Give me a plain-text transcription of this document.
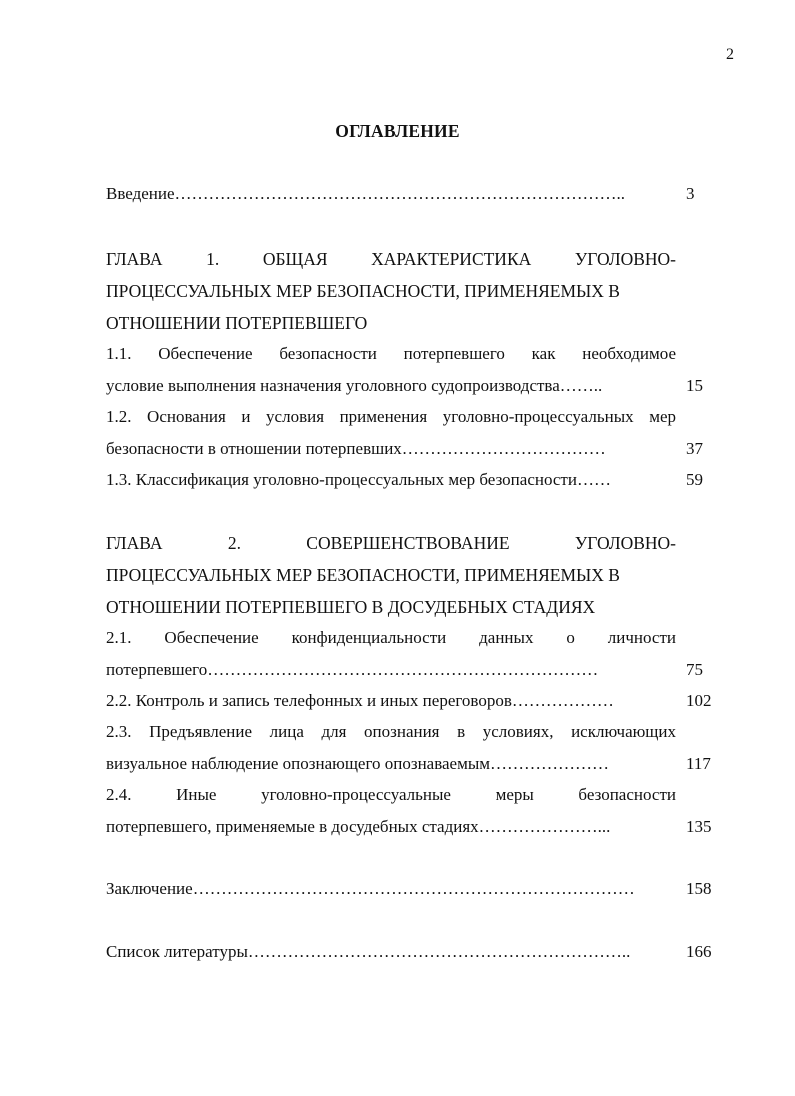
2
ОГЛАВЛЕНИЕ
Введение……………………………………………………………………..	3
ГЛАВА 1. ОБЩАЯ ХАРАКТЕРИСТИКА УГОЛОВНО-
ПРОЦЕССУАЛЬНЫХ МЕР БЕЗОПАСНОСТИ, ПРИМЕНЯЕМЫХ В
ОТНОШЕНИИ ПОТЕРПЕВШЕГО
1.1. Обеспечение безопасности потерпевшего как необходимое
условие выполнения назначения уголовного судопроизводства……..	15
1.2. Основания и условия применения уголовно-процессуальных мер
безопасности в отношении потерпевших………………………………	37
1.3. Классификация уголовно-процессуальных мер безопасности……	59
ГЛАВА 2. СОВЕРШЕНСТВОВАНИЕ УГОЛОВНО-
ПРОЦЕССУАЛЬНЫХ МЕР БЕЗОПАСНОСТИ, ПРИМЕНЯЕМЫХ В
ОТНОШЕНИИ ПОТЕРПЕВШЕГО В ДОСУДЕБНЫХ СТАДИЯХ
2.1. Обеспечение конфиденциальности данных о личности
потерпевшего……………………………………………………………	75
2.2. Контроль и запись телефонных и иных переговоров………………	102
2.3. Предъявление лица для опознания в условиях, исключающих
визуальное наблюдение опознающего опознаваемым…………………	117
2.4. Иные уголовно-процессуальные меры безопасности
потерпевшего, применяемые в досудебных стадиях…………………...	135
Заключение……………………………………………………………………	158
Список литературы…………………………………………………………..	166
